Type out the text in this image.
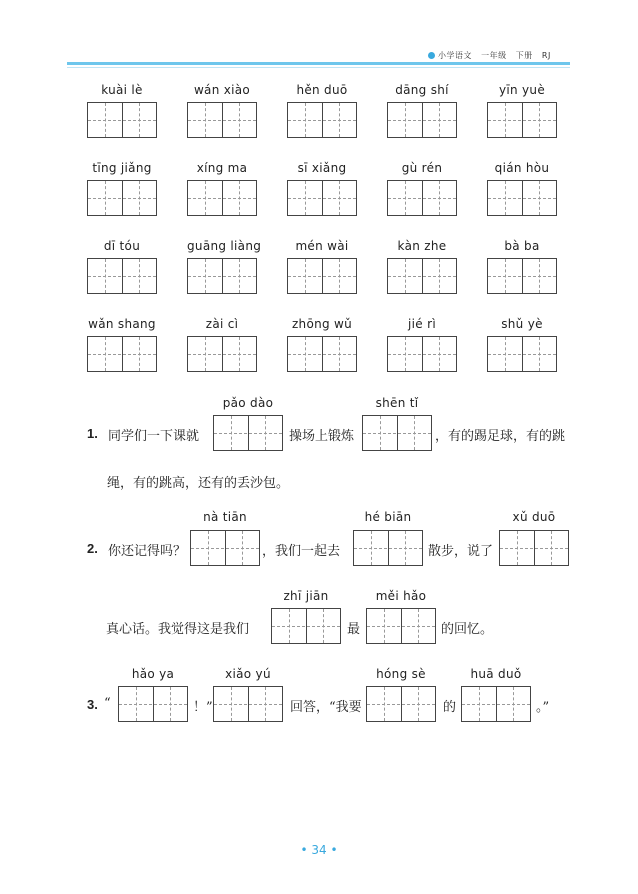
小学语文 一年级 下册 RJ
kuài lè	wán xiào	hěn duō	dāng shí	yīn yuè
tīng jiǎng	xíng ma	sī xiǎng	gù rén	qián hòu
dī tóu	guāng liàng	mén wài	kàn zhe	bà ba
wǎn shang	zài cì	zhōng wǔ	jié rì	shǔ yè
pǎo dào	shēn tǐ
1. 同学们一下课就	操场上锻炼	，有的踢足球，有的跳
绳，有的跳高，还有的丢沙包。
nà tiān	hé biān	xǔ duō
2. 你还记得吗？	，我们一起去	散步，说了
zhī jiān	měi hǎo
真心话。我觉得这是我们	最	的回忆。
hǎo ya	xiǎo yú	hóng sè	huā duǒ
3. “	！”	回答，“我要	的	。”
• 34 •
